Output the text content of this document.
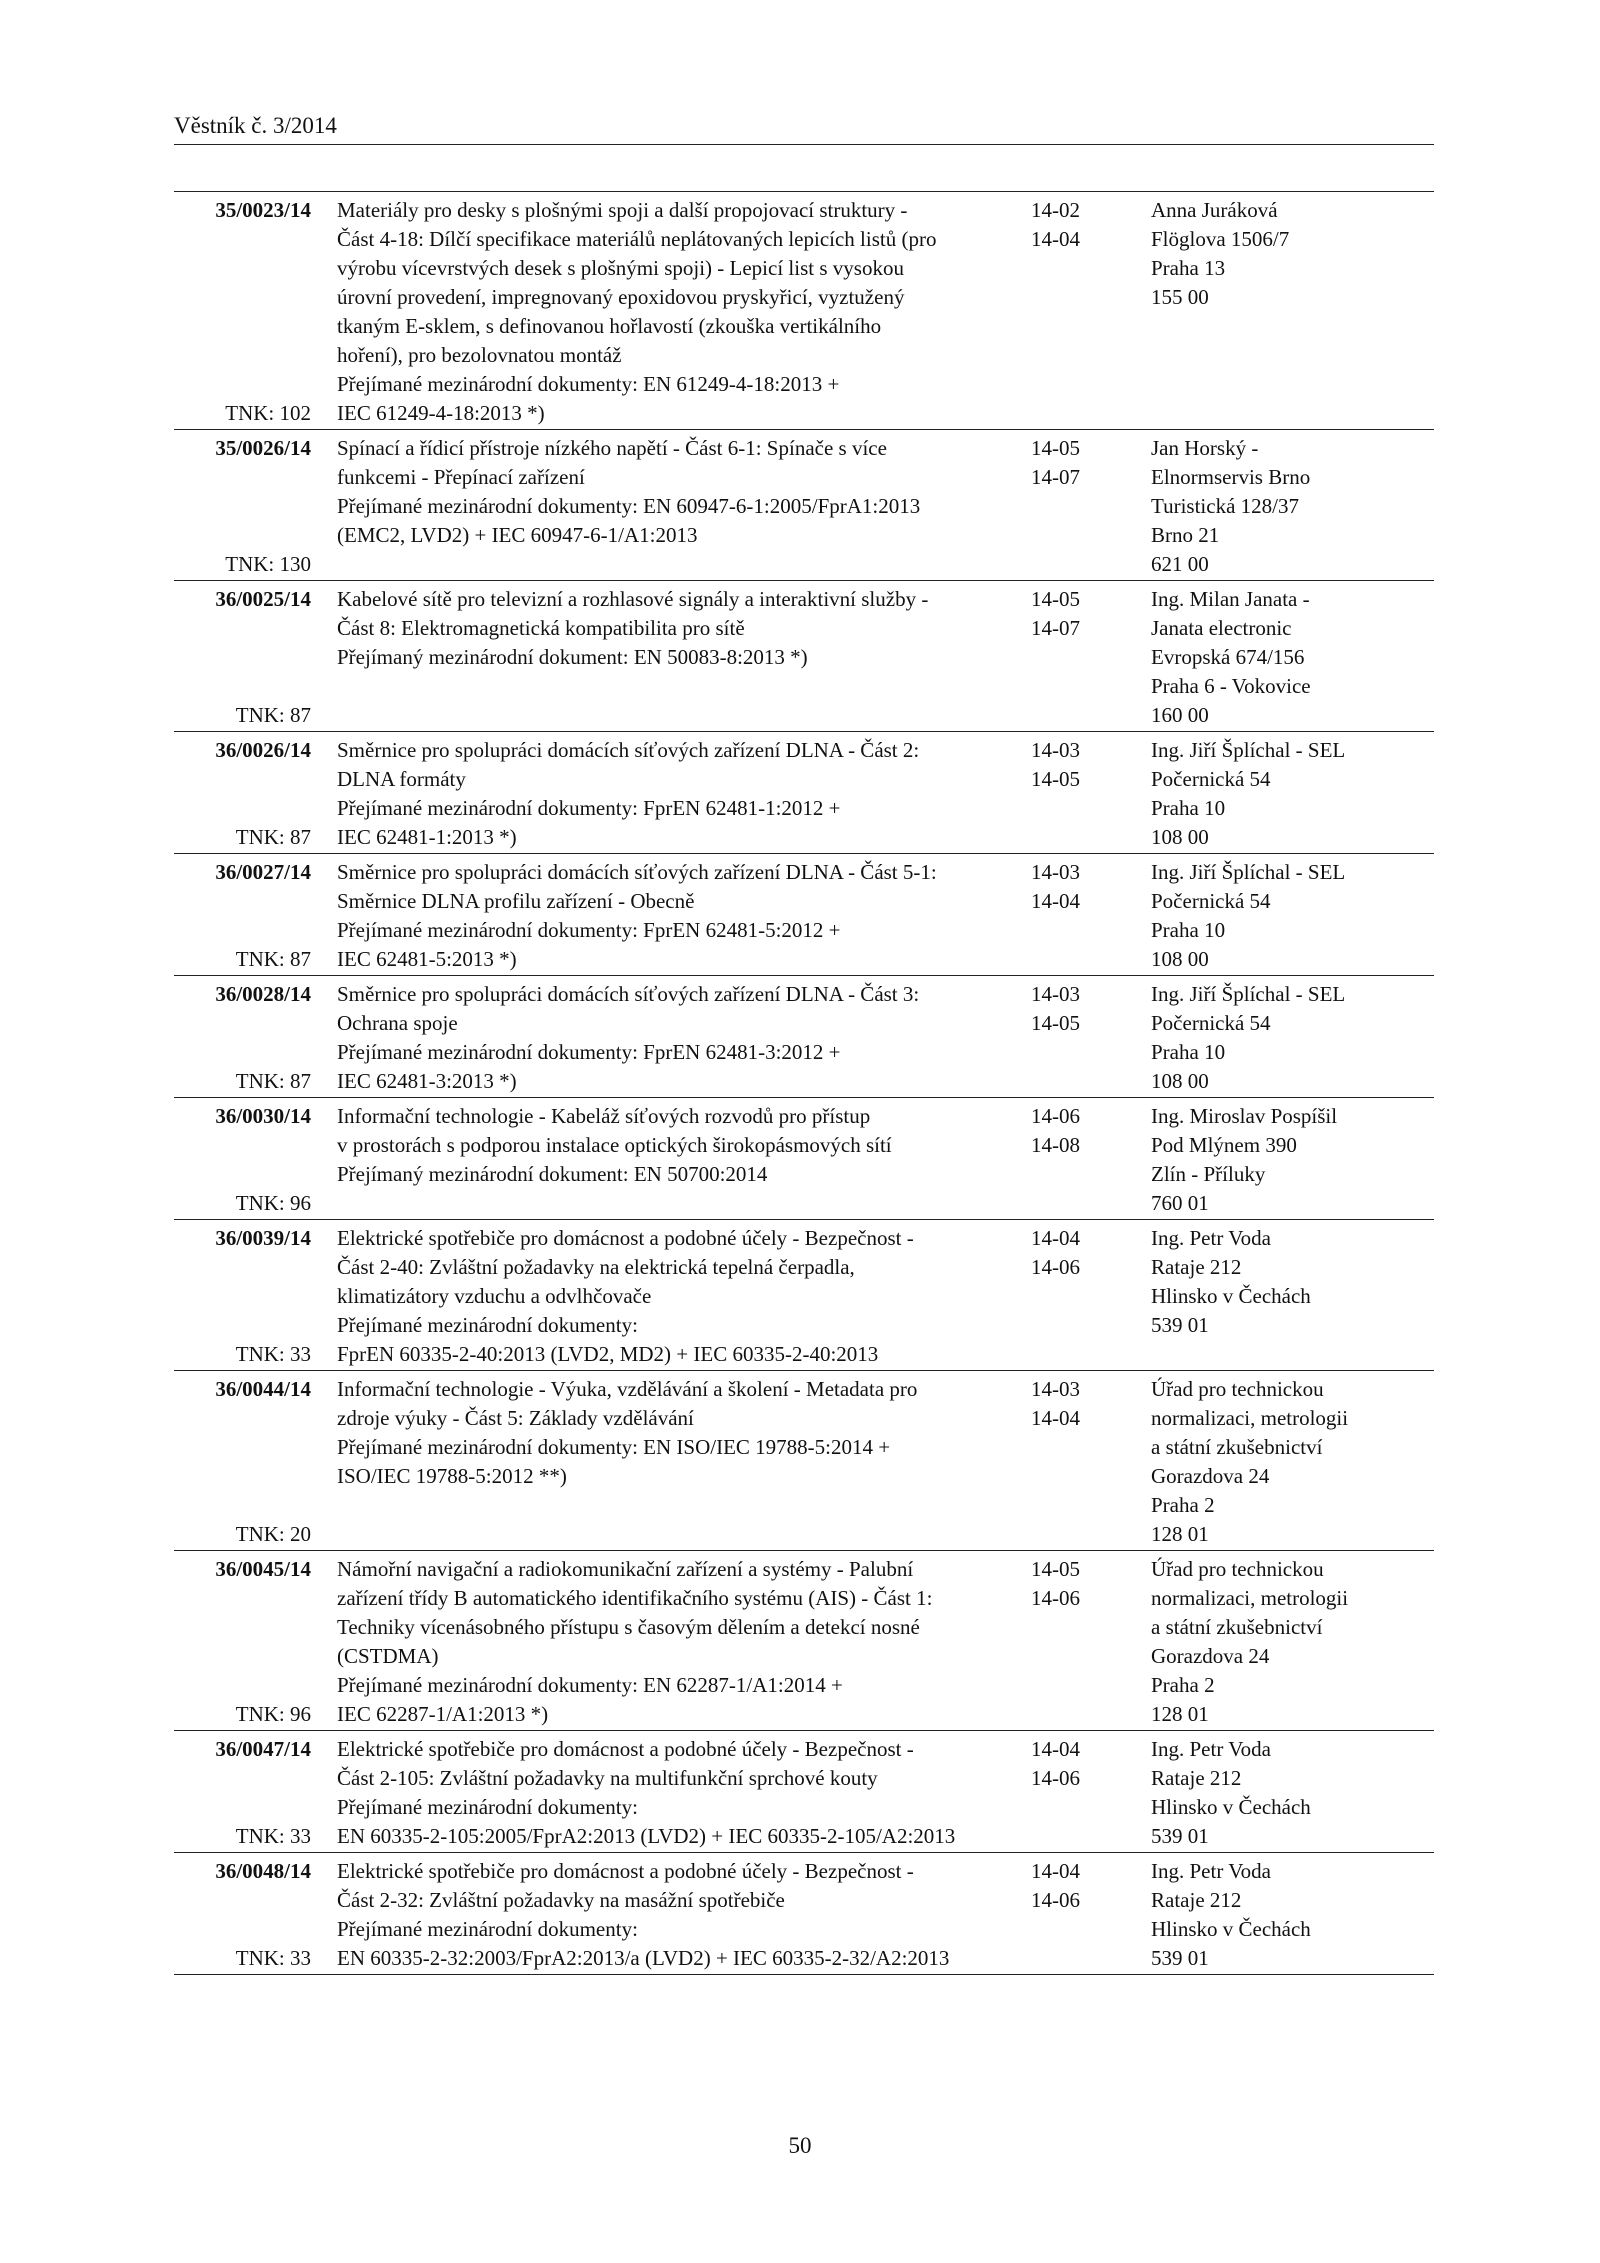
Věstník č. 3/2014
35/0023/14
TNK: 102
Materiály pro desky s plošnými spoji a další propojovací struktury -
Část 4-18: Dílčí specifikace materiálů neplátovaných lepicích listů (pro
výrobu vícevrstvých desek s plošnými spoji) - Lepicí list s vysokou
úrovní provedení, impregnovaný epoxidovou pryskyřicí, vyztužený
tkaným E-sklem, s definovanou hořlavostí (zkouška vertikálního
hoření), pro bezolovnatou montáž
Přejímané mezinárodní dokumenty: EN 61249-4-18:2013 +
IEC 61249-4-18:2013 *)
14-02
14-04
Anna Juráková
Flöglova 1506/7
Praha 13
155 00
35/0026/14
TNK: 130
Spínací a řídicí přístroje nízkého napětí - Část 6-1: Spínače s více
funkcemi - Přepínací zařízení
Přejímané mezinárodní dokumenty: EN 60947-6-1:2005/FprA1:2013
(EMC2, LVD2) + IEC 60947-6-1/A1:2013
14-05
14-07
Jan Horský -
Elnormservis Brno
Turistická 128/37
Brno 21
621 00
36/0025/14
TNK: 87
Kabelové sítě pro televizní a rozhlasové signály a interaktivní služby -
Část 8: Elektromagnetická kompatibilita pro sítě
Přejímaný mezinárodní dokument: EN 50083-8:2013 *)
14-05
14-07
Ing. Milan Janata -
Janata electronic
Evropská 674/156
Praha 6 - Vokovice
160 00
36/0026/14
TNK: 87
Směrnice pro spolupráci domácích síťových zařízení DLNA - Část 2:
DLNA formáty
Přejímané mezinárodní dokumenty: FprEN 62481-1:2012 +
IEC 62481-1:2013 *)
14-03
14-05
Ing. Jiří Šplíchal - SEL
Počernická 54
Praha 10
108 00
36/0027/14
TNK: 87
Směrnice pro spolupráci domácích síťových zařízení DLNA - Část 5-1:
Směrnice DLNA profilu zařízení - Obecně
Přejímané mezinárodní dokumenty: FprEN 62481-5:2012 +
IEC 62481-5:2013 *)
14-03
14-04
Ing. Jiří Šplíchal - SEL
Počernická 54
Praha 10
108 00
36/0028/14
TNK: 87
Směrnice pro spolupráci domácích síťových zařízení DLNA - Část 3:
Ochrana spoje
Přejímané mezinárodní dokumenty: FprEN 62481-3:2012 +
IEC 62481-3:2013 *)
14-03
14-05
Ing. Jiří Šplíchal - SEL
Počernická 54
Praha 10
108 00
36/0030/14
TNK: 96
Informační technologie - Kabeláž síťových rozvodů pro přístup
v prostorách s podporou instalace optických širokopásmových sítí
Přejímaný mezinárodní dokument: EN 50700:2014
14-06
14-08
Ing. Miroslav Pospíšil
Pod Mlýnem 390
Zlín - Příluky
760 01
36/0039/14
TNK: 33
Elektrické spotřebiče pro domácnost a podobné účely - Bezpečnost -
Část 2-40: Zvláštní požadavky na elektrická tepelná čerpadla,
klimatizátory vzduchu a odvlhčovače
Přejímané mezinárodní dokumenty:
FprEN 60335-2-40:2013 (LVD2, MD2) + IEC 60335-2-40:2013
14-04
14-06
Ing. Petr Voda
Rataje 212
Hlinsko v Čechách
539 01
36/0044/14
TNK: 20
Informační technologie - Výuka, vzdělávání a školení - Metadata pro
zdroje výuky - Část 5: Základy vzdělávání
Přejímané mezinárodní dokumenty: EN ISO/IEC 19788-5:2014 +
ISO/IEC 19788-5:2012 **)
14-03
14-04
Úřad pro technickou
normalizaci, metrologii
a státní zkušebnictví
Gorazdova 24
Praha 2
128 01
36/0045/14
TNK: 96
Námořní navigační a radiokomunikační zařízení a systémy - Palubní
zařízení třídy B automatického identifikačního systému (AIS) - Část 1:
Techniky vícenásobného přístupu s časovým dělením a detekcí nosné
(CSTDMA)
Přejímané mezinárodní dokumenty: EN 62287-1/A1:2014 +
IEC 62287-1/A1:2013 *)
14-05
14-06
Úřad pro technickou
normalizaci, metrologii
a státní zkušebnictví
Gorazdova 24
Praha 2
128 01
36/0047/14
TNK: 33
Elektrické spotřebiče pro domácnost a podobné účely - Bezpečnost -
Část 2-105: Zvláštní požadavky na multifunkční sprchové kouty
Přejímané mezinárodní dokumenty:
EN 60335-2-105:2005/FprA2:2013 (LVD2) + IEC 60335-2-105/A2:2013
14-04
14-06
Ing. Petr Voda
Rataje 212
Hlinsko v Čechách
539 01
36/0048/14
TNK: 33
Elektrické spotřebiče pro domácnost a podobné účely - Bezpečnost -
Část 2-32: Zvláštní požadavky na masážní spotřebiče
Přejímané mezinárodní dokumenty:
EN 60335-2-32:2003/FprA2:2013/a (LVD2) + IEC 60335-2-32/A2:2013
14-04
14-06
Ing. Petr Voda
Rataje 212
Hlinsko v Čechách
539 01
50
